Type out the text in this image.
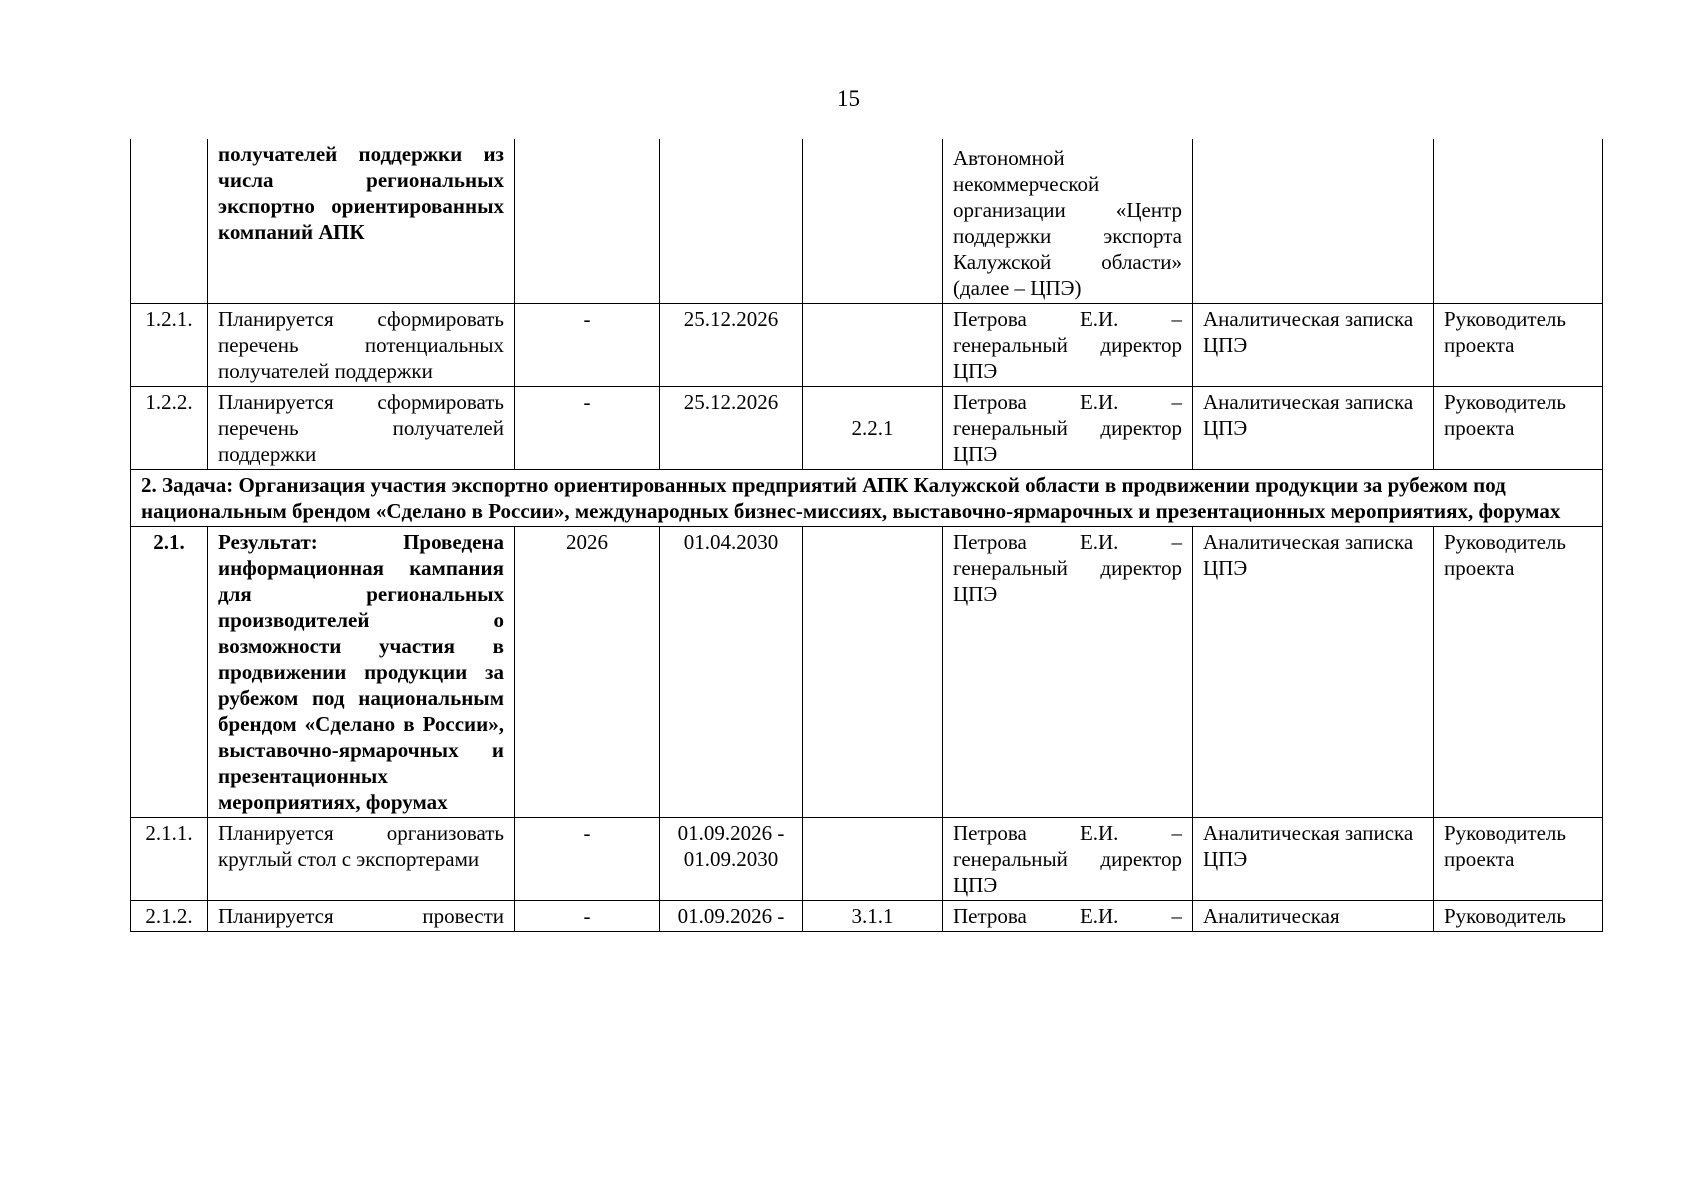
15
	получателей поддержки из числа региональных экспортно ориентированных компаний АПК				Автономной некоммерческой организации «Центр поддержки экспорта Калужской области» (далее – ЦПЭ)		
1.2.1.	Планируется сформировать перечень потенциальных получателей поддержки	-	25.12.2026		Петрова Е.И. – генеральный директор ЦПЭ	Аналитическая записка ЦПЭ	Руководитель проекта
1.2.2.	Планируется сформировать перечень получателей поддержки	-	25.12.2026	2.2.1	Петрова Е.И. – генеральный директор ЦПЭ	Аналитическая записка ЦПЭ	Руководитель проекта
2. Задача: Организация участия экспортно ориентированных предприятий АПК Калужской области в продвижении продукции за рубежом под национальным брендом «Сделано в России», международных бизнес-миссиях, выставочно-ярмарочных и презентационных мероприятиях, форумах							
2.1.	Результат: Проведена информационная кампания для региональных производителей о возможности участия в продвижении продукции за рубежом под национальным брендом «Сделано в России», выставочно-ярмарочных и презентационных мероприятиях, форумах	2026	01.04.2030		Петрова Е.И. – генеральный директор ЦПЭ	Аналитическая записка ЦПЭ	Руководитель проекта
2.1.1.	Планируется организовать круглый стол с экспортерами	-	01.09.2026 - 01.09.2030		Петрова Е.И. – генеральный директор ЦПЭ	Аналитическая записка ЦПЭ	Руководитель проекта
2.1.2.	Планируется провести	-	01.09.2026 -	3.1.1	Петрова Е.И. –	Аналитическая	Руководитель
